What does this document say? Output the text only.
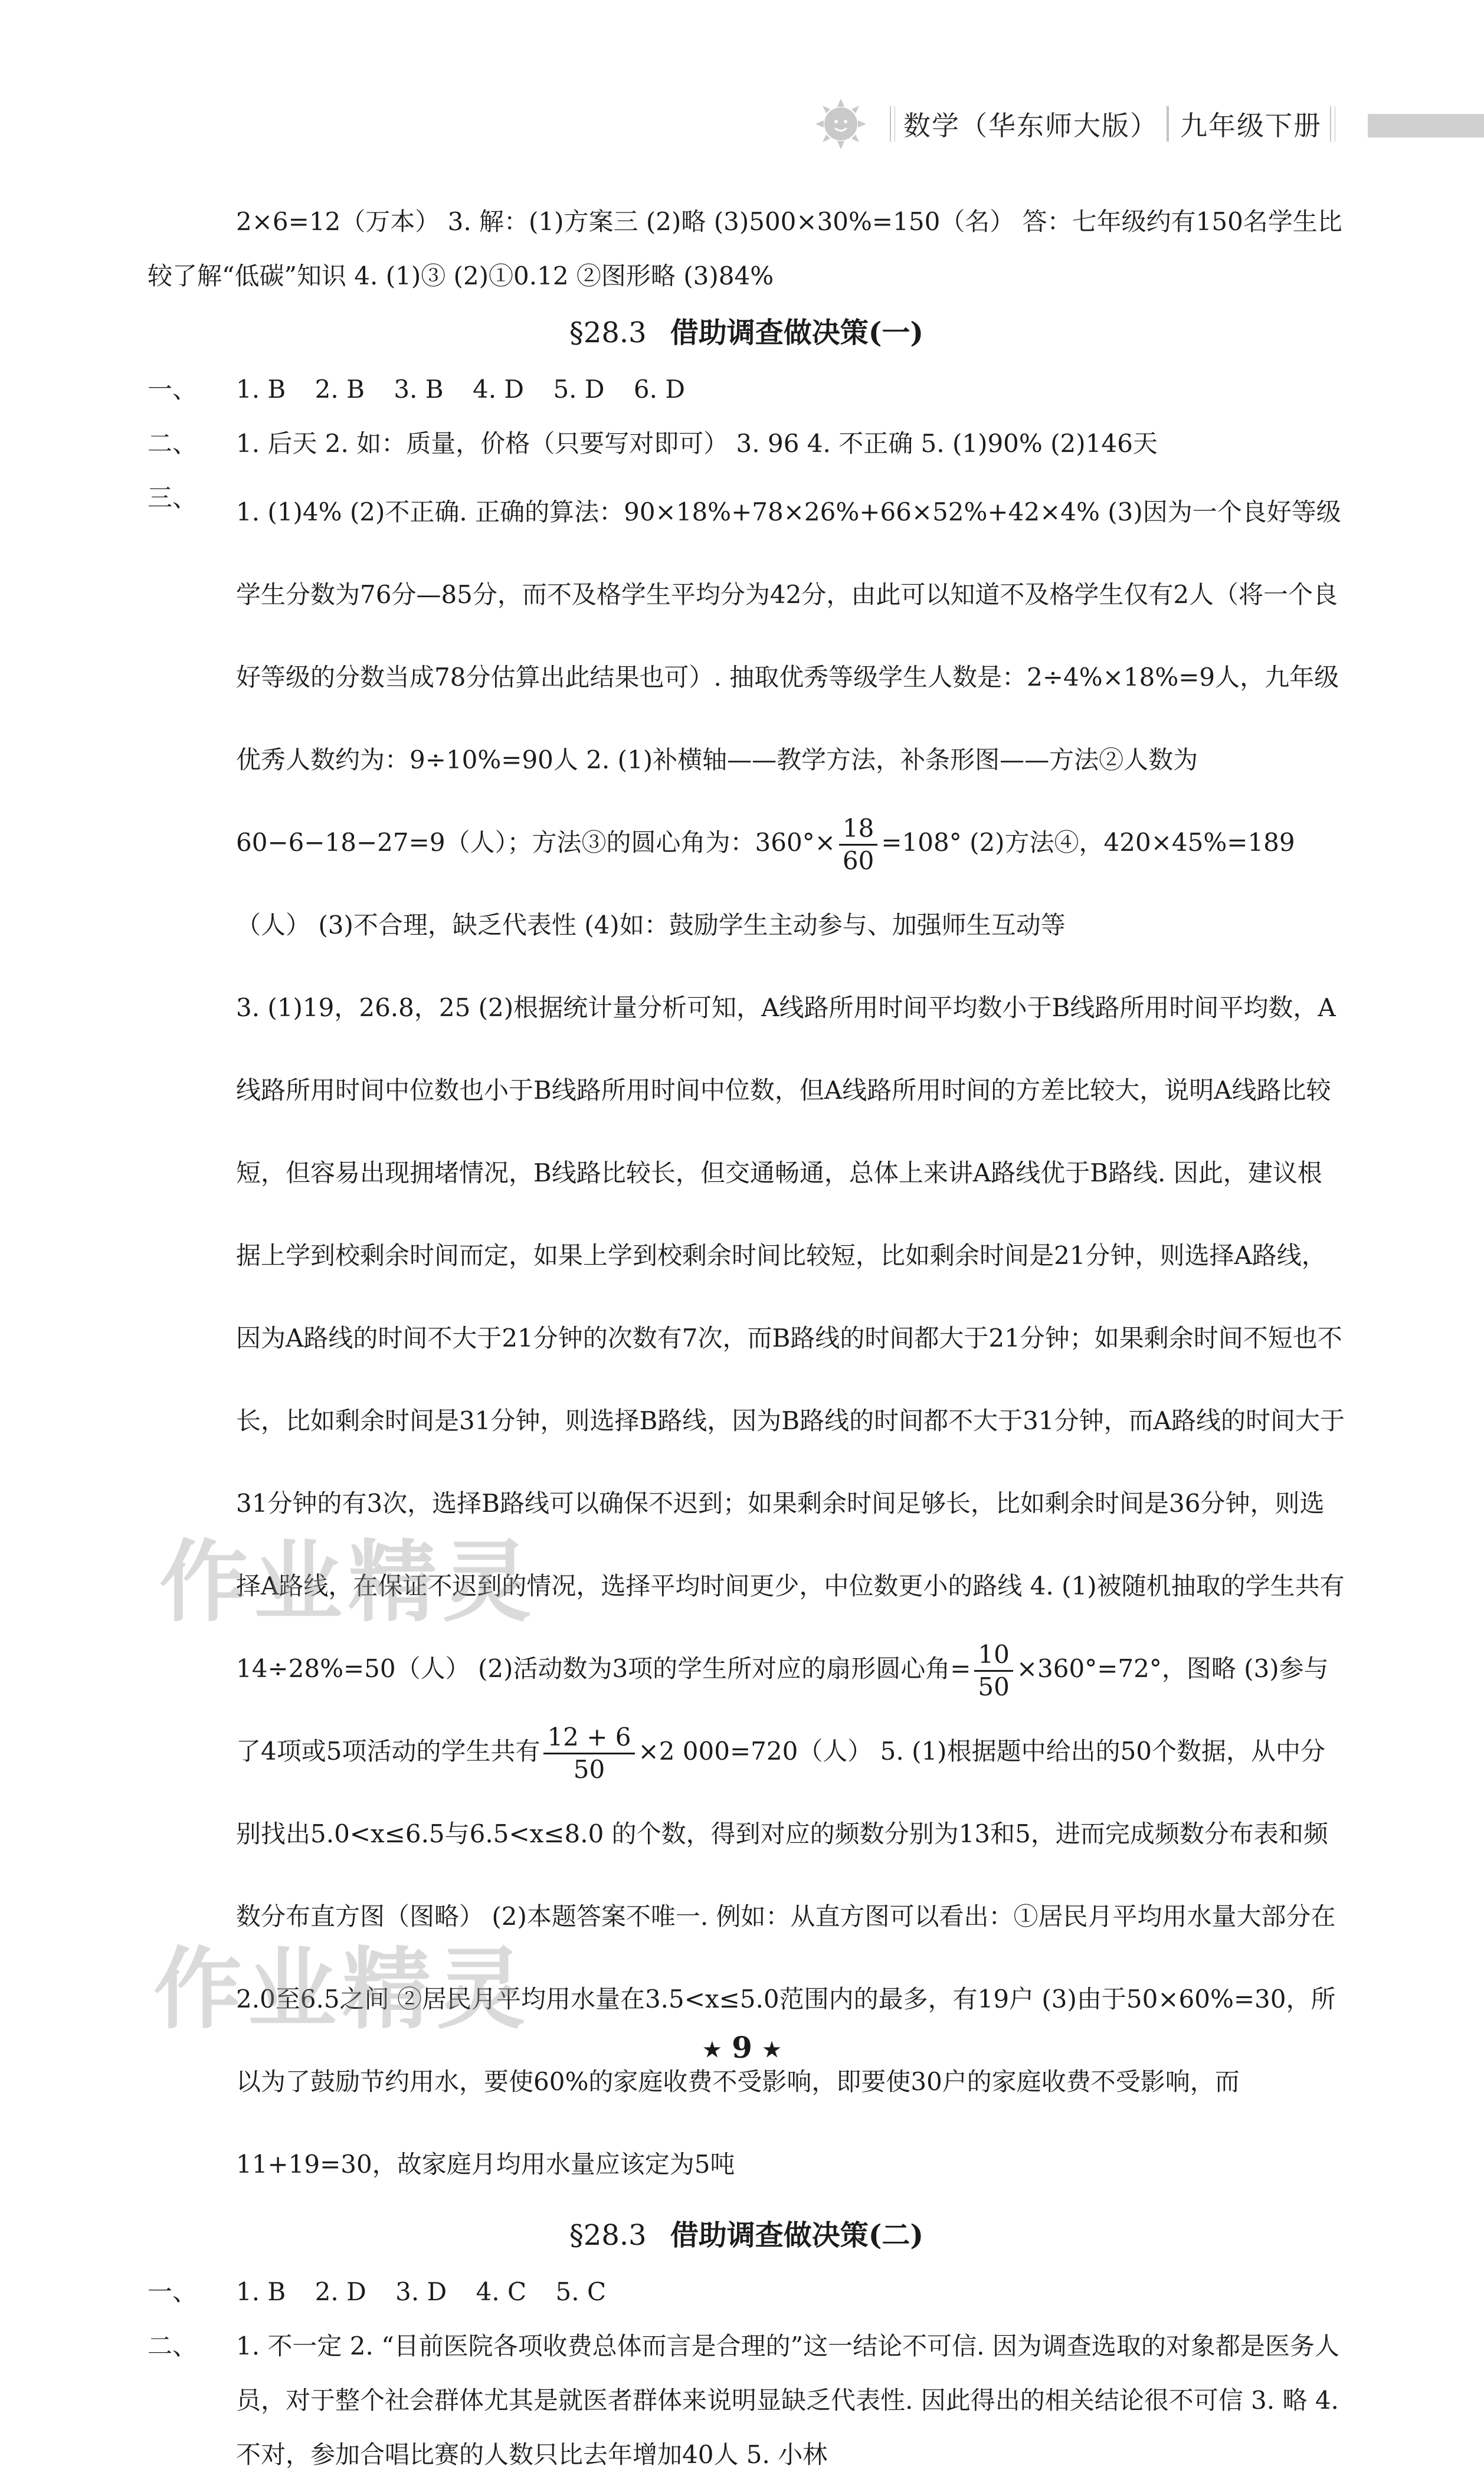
数学（华东师大版） 九年级下册

2×6=12（万本） 3. 解：(1)方案三 (2)略 (3)500×30%=150（名） 答：七年级约有150名学生比较了解“低碳”知识 4. (1)③ (2)①0.12 ②图形略 (3)84%

§28.3 借助调查做决策(一)

一、 1. B 2. B 3. B 4. D 5. D 6. D

二、 1. 后天 2. 如：质量，价格（只要写对即可） 3. 96 4. 不正确 5. (1)90% (2)146天

三、 1. (1)4% (2)不正确. 正确的算法：90×18%+78×26%+66×52%+42×4% (3)因为一个良好等级学生分数为76分—85分，而不及格学生平均分为42分，由此可以知道不及格学生仅有2人（将一个良好等级的分数当成78分估算出此结果也可）. 抽取优秀等级学生人数是：2÷4%×18%=9人，九年级优秀人数约为：9÷10%=90人 2. (1)补横轴——教学方法，补条形图——方法②人数为60−6−18−27=9（人）；方法③的圆心角为：$360^\circ\times \frac{18}{60} =108^\circ$ (2)方法④，420×45%=189（人） (3)不合理，缺乏代表性 (4)如：鼓励学生主动参与、加强师生互动等
3. (1)19，26.8，25 (2)根据统计量分析可知，A线路所用时间平均数小于B线路所用时间平均数，A线路所用时间中位数也小于B线路所用时间中位数，但A线路所用时间的方差比较大，说明A线路比较短，但容易出现拥堵情况，B线路比较长，但交通畅通，总体上来讲A路线优于B路线. 因此，建议根据上学到校剩余时间而定，如果上学到校剩余时间比较短，比如剩余时间是21分钟，则选择A路线，因为A路线的时间不大于21分钟的次数有7次，而B路线的时间都大于21分钟；如果剩余时间不短也不长，比如剩余时间是31分钟，则选择B路线，因为B路线的时间都不大于31分钟，而A路线的时间大于31分钟的有3次，选择B路线可以确保不迟到；如果剩余时间足够长，比如剩余时间是36分钟，则选择A路线，在保证不迟到的情况，选择平均时间更少，中位数更小的路线 4. (1)被随机抽取的学生共有14÷28%=50（人） (2)活动数为3项的学生所对应的扇形圆心角= $\frac{10}{50} \times 360^\circ=72^\circ$，图略 (3)参与了4项或5项活动的学生共有 $\frac{12 + 6}{50} \times 2$ 000=720（人） 5. (1)根据题中给出的50个数据，从中分别找出5.0<x≤6.5与6.5<x≤8.0 的个数，得到对应的频数分别为13和5，进而完成频数分布表和频数分布直方图（图略） (2)本题答案不唯一. 例如：从直方图可以看出：①居民月平均用水量大部分在2.0至6.5之间 ②居民月平均用水量在3.5<x≤5.0范围内的最多，有19户 (3)由于50×60%=30，所以为了鼓励节约用水，要使60%的家庭收费不受影响，即要使30户的家庭收费不受影响，而11+19=30，故家庭月均用水量应该定为5吨

§28.3 借助调查做决策(二)

一、 1. B 2. D 3. D 4. C 5. C

二、 1. 不一定 2. “目前医院各项收费总体而言是合理的”这一结论不可信. 因为调查选取的对象都是医务人员，对于整个社会群体尤其是就医者群体来说明显缺乏代表性. 因此得出的相关结论很不可信 3. 略 4. 不对，参加合唱比赛的人数只比去年增加40人 5. 小林

作业精灵
作业精灵
★ 9 ★
